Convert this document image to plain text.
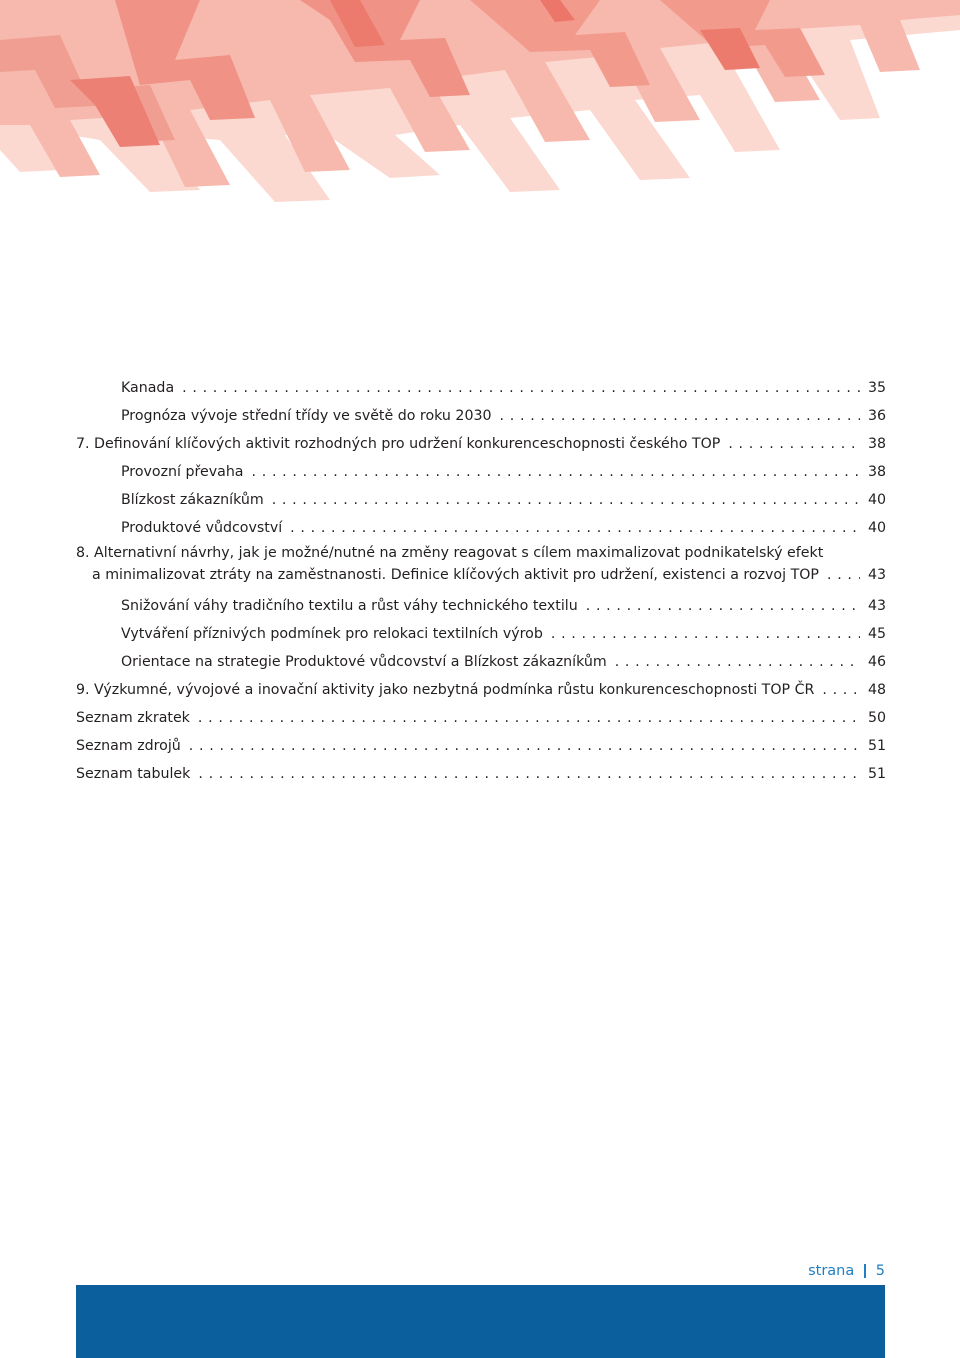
Kanada . . .	35
Prognóza vývoje střední třídy ve světě do roku 2030 . . .	36
7. Definování klíčových aktivit rozhodných pro udržení konkurenceschopnosti českého TOP . . .	38
Provozní převaha . . .	38
Blízkost zákazníkům . . .	40
Produktové vůdcovství . . .	40
8. Alternativní návrhy, jak je možné/nutné na změny reagovat s cílem maximalizovat podnikatelský efekt
a minimalizovat ztráty na zaměstnanosti. Definice klíčových aktivit pro udržení, existenci a rozvoj TOP . . .	43
Snižování váhy tradičního textilu a růst váhy technického textilu . . .	43
Vytváření příznivých podmínek pro relokaci textilních výrob . . .	45
Orientace na strategie Produktové vůdcovství a Blízkost zákazníkům . . .	46
9. Výzkumné, vývojové a inovační aktivity jako nezbytná podmínka růstu konkurenceschopnosti TOP ČR . . .	48
Seznam zkratek . . .	50
Seznam zdrojů . . .	51
Seznam tabulek . . .	51
strana 5
